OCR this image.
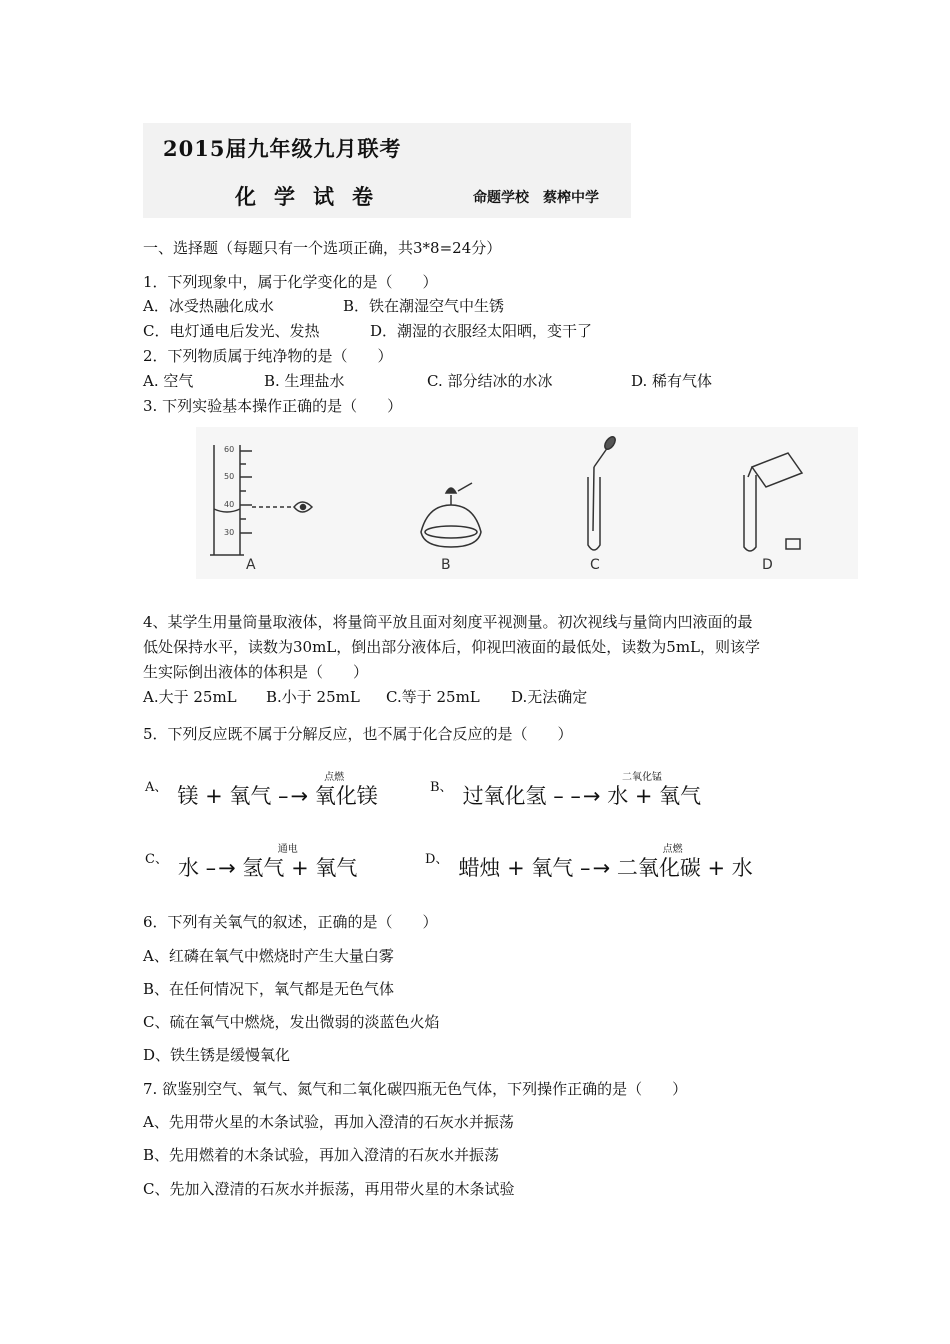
2015届九年级九月联考
化学试卷	命题学校　蔡榨中学
一、选择题（每题只有一个选项正确，共3*8=24分）
1．下列现象中，属于化学变化的是（　　）
A．冰受热融化成水	B．铁在潮湿空气中生锈
C．电灯通电后发光、发热	D．潮湿的衣服经太阳晒，变干了
2．下列物质属于纯净物的是（　　）
A. 空气	B. 生理盐水	C. 部分结冰的水冰	D. 稀有气体
3. 下列实验基本操作正确的是（　　）
60
50
40
30
A	B	C	D
4、某学生用量筒量取液体，将量筒平放且面对刻度平视测量。初次视线与量筒内凹液面的最
低处保持水平，读数为30mL，倒出部分液体后，仰视凹液面的最低处，读数为5mL，则该学
生实际倒出液体的体积是（　　）
A.大于 25mL B.小于 25mL C.等于 25mL D.无法确定
5．下列反应既不属于分解反应，也不属于化合反应的是（　　）
$^{A、}$ 镁 + 氧气 –
点燃
→ 氧化镁	$^{B、}$ 过氧化氢 – –
二氧化锰
→ 水 + 氧气
$^{C、}$ 水 –
通电
→ 氢气 + 氧气	$^{D、}$ 蜡烛 + 氧气 –
点燃
→ 二氧化碳 + 水
6．下列有关氧气的叙述，正确的是（　　）
A、红磷在氧气中燃烧时产生大量白雾
B、在任何情况下，氧气都是无色气体
C、硫在氧气中燃烧，发出微弱的淡蓝色火焰
D、铁生锈是缓慢氧化
7. 欲鉴别空气、氧气、氮气和二氧化碳四瓶无色气体，下列操作正确的是（　　）
A、先用带火星的木条试验，再加入澄清的石灰水并振荡
B、先用燃着的木条试验，再加入澄清的石灰水并振荡
C、先加入澄清的石灰水并振荡，再用带火星的木条试验
